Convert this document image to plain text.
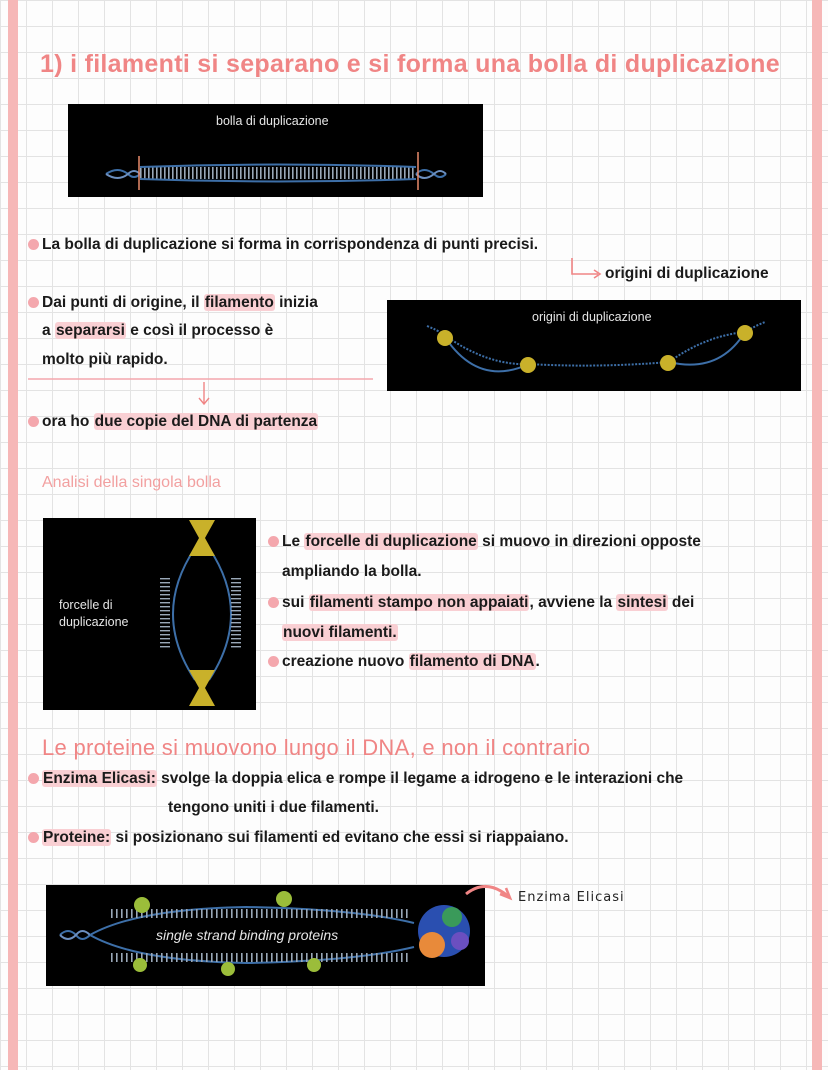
1) i filamenti si separano e si forma una bolla di duplicazione
bolla di duplicazione
La bolla di duplicazione si forma in corrispondenza di punti precisi.
origini di duplicazione
Dai punti di origine, il filamento inizia
a separarsi e così il processo è
molto più rapido.
origini di duplicazione
ora ho due copie del DNA di partenza
Analisi della singola bolla
forcelle di
duplicazione
Le forcelle di duplicazione si muovo in direzioni opposte
ampliando la bolla.
sui filamenti stampo non appaiati, avviene la sintesi dei
nuovi filamenti.
creazione nuovo filamento di DNA.
Le proteine si muovono lungo il DNA, e non il contrario
Enzima Elicasi: svolge la doppia elica e rompe il legame a idrogeno e le interazioni che
tengono uniti i due filamenti.
Proteine: si posizionano sui filamenti ed evitano che essi si riappaiano.
single strand binding proteins
Enzima Elicasi
